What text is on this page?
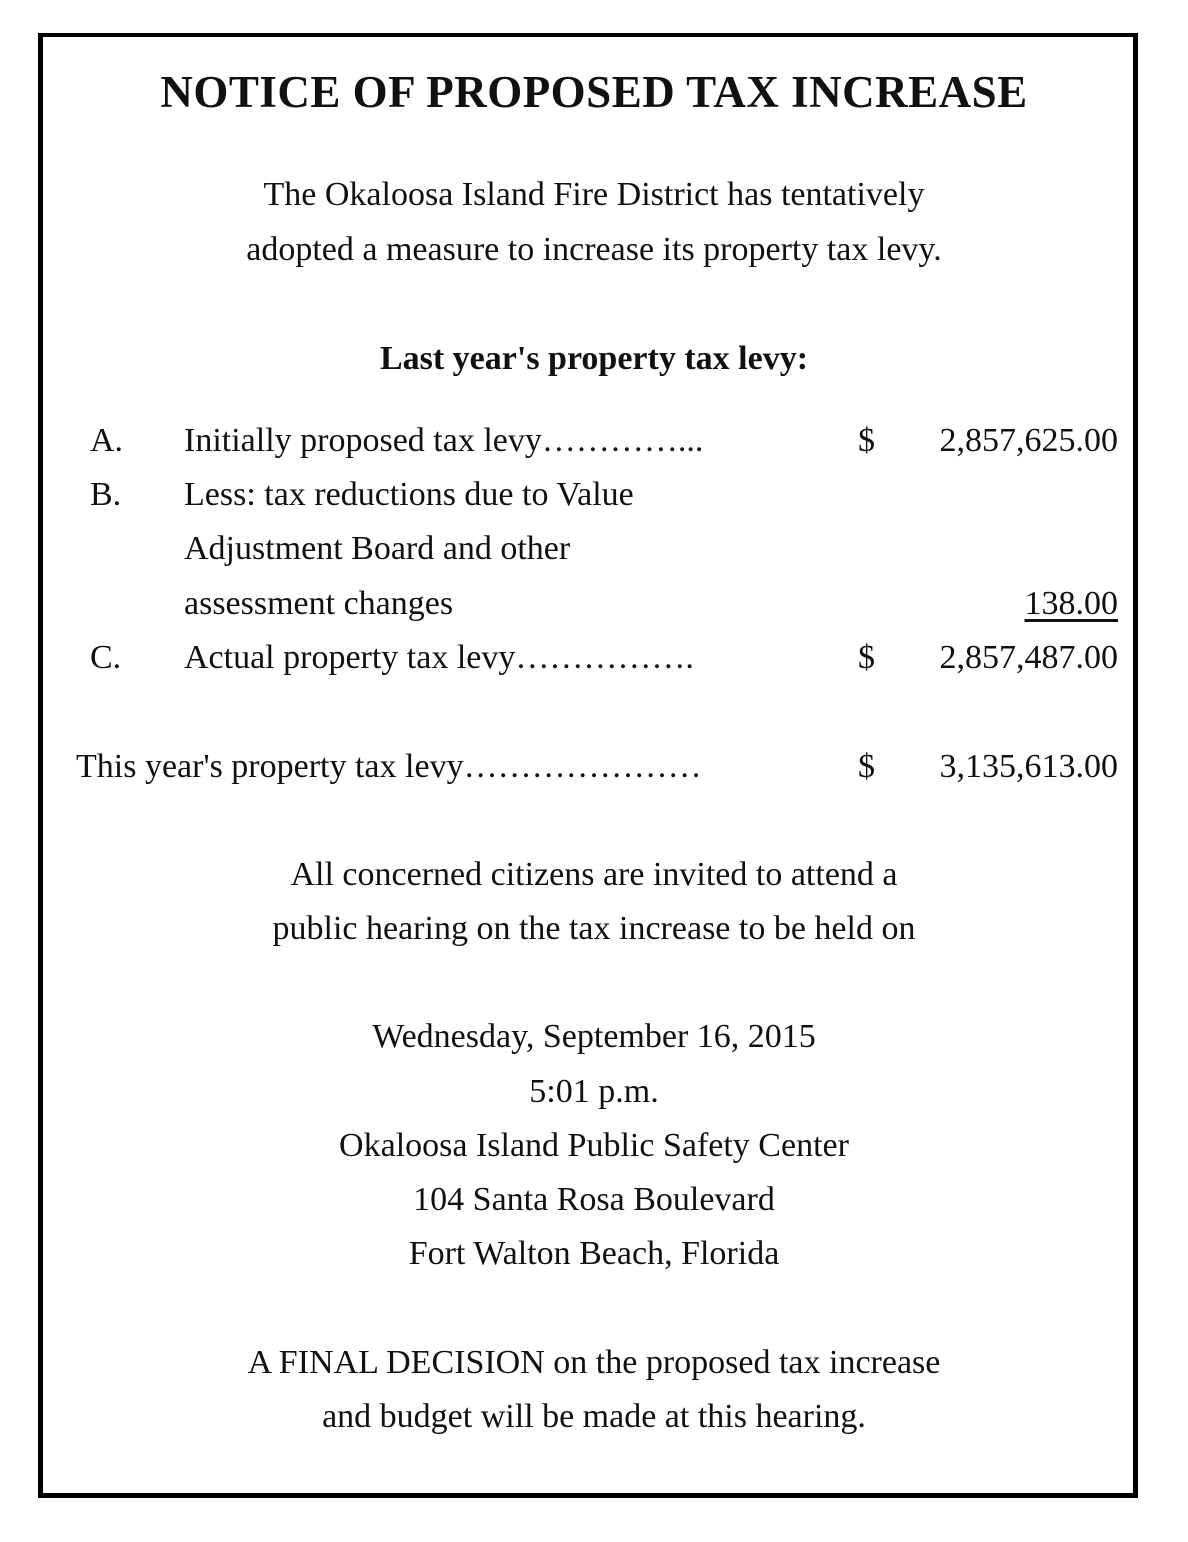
NOTICE OF PROPOSED TAX INCREASE
The Okaloosa Island Fire District has tentatively
adopted a measure to increase its property tax levy.
Last year's property tax levy:
A. Initially proposed tax levy…………...	$ 2,857,625.00
B. Less: tax reductions due to Value
Adjustment Board and other
assessment changes	138.00
C. Actual property tax levy…………….	$ 2,857,487.00
This year's property tax levy…………………	$ 3,135,613.00
All concerned citizens are invited to attend a
public hearing on the tax increase to be held on
Wednesday, September 16, 2015
5:01 p.m.
Okaloosa Island Public Safety Center
104 Santa Rosa Boulevard
Fort Walton Beach, Florida
A FINAL DECISION on the proposed tax increase
and budget will be made at this hearing.
